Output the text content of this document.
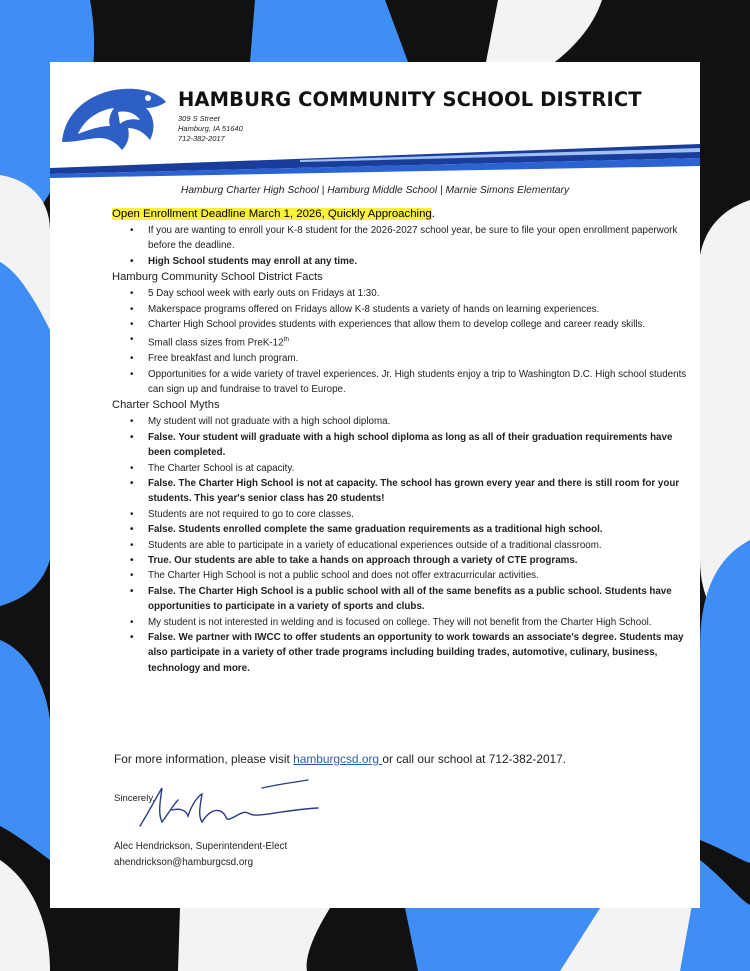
HAMBURG COMMUNITY SCHOOL DISTRICT
309 S Street
Hamburg, IA 51640
712-382-2017
Hamburg Charter High School | Hamburg Middle School | Marnie Simons Elementary
Open Enrollment Deadline March 1, 2026, Quickly Approaching.
• If you are wanting to enroll your K-8 student for the 2026-2027 school year, be sure to file your open enrollment paperwork before the deadline.
• High School students may enroll at any time.
Hamburg Community School District Facts
• 5 Day school week with early outs on Fridays at 1:30.
• Makerspace programs offered on Fridays allow K-8 students a variety of hands on learning experiences.
• Charter High School provides students with experiences that allow them to develop college and career ready skills.
• Small class sizes from PreK-12th
• Free breakfast and lunch program.
• Opportunities for a wide variety of travel experiences. Jr. High students enjoy a trip to Washington D.C. High school students can sign up and fundraise to travel to Europe.
Charter School Myths
• My student will not graduate with a high school diploma.
• False. Your student will graduate with a high school diploma as long as all of their graduation requirements have been completed.
• The Charter School is at capacity.
• False. The Charter High School is not at capacity. The school has grown every year and there is still room for your students. This year's senior class has 20 students!
• Students are not required to go to core classes.
• False. Students enrolled complete the same graduation requirements as a traditional high school.
• Students are able to participate in a variety of educational experiences outside of a traditional classroom.
• True. Our students are able to take a hands on approach through a variety of CTE programs.
• The Charter High School is not a public school and does not offer extracurricular activities.
• False. The Charter High School is a public school with all of the same benefits as a public school. Students have opportunities to participate in a variety of sports and clubs.
• My student is not interested in welding and is focused on college. They will not benefit from the Charter High School.
• False. We partner with IWCC to offer students an opportunity to work towards an associate's degree. Students may also participate in a variety of other trade programs including building trades, automotive, culinary, business, technology and more.
For more information, please visit hamburgcsd.org or call our school at 712-382-2017.
Sincerely,
Alec Hendrickson, Superintendent-Elect
ahendrickson@hamburgcsd.org
